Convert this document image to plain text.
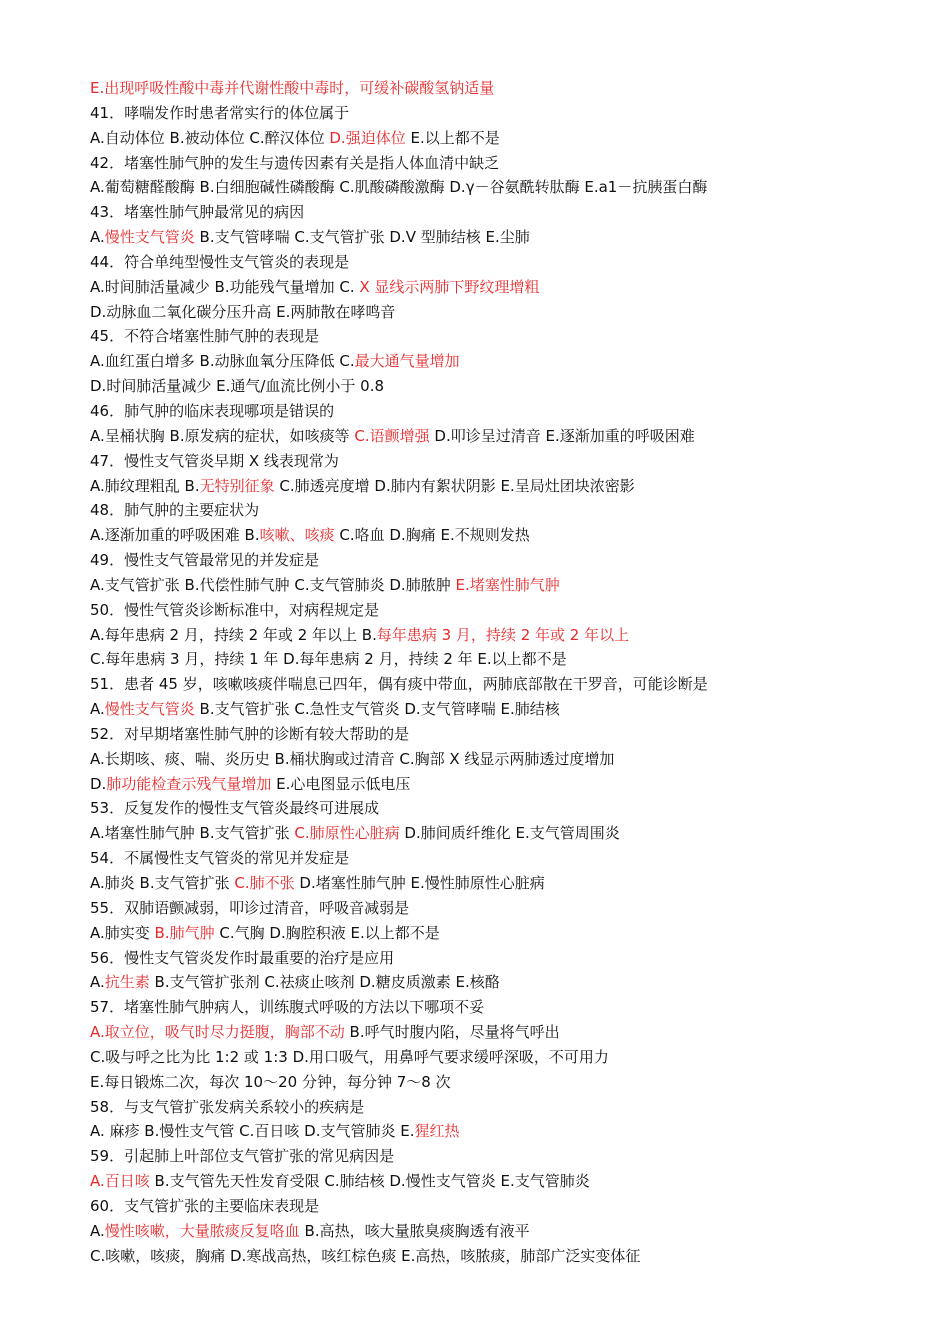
E.出现呼吸性酸中毒并代谢性酸中毒时，可缓补碳酸氢钠适量
41．哮喘发作时患者常实行的体位属于
A.自动体位 B.被动体位 C.醉汉体位 D.强迫体位 E.以上都不是
42．堵塞性肺气肿的发生与遗传因素有关是指人体血清中缺乏
A.葡萄糖醛酸酶 B.白细胞碱性磷酸酶 C.肌酸磷酸激酶 D.γ－谷氨酰转肽酶 E.a1－抗胰蛋白酶
43．堵塞性肺气肿最常见的病因
A.慢性支气管炎 B.支气管哮喘 C.支气管扩张 D.Ⅴ 型肺结核 E.尘肺
44．符合单纯型慢性支气管炎的表现是
A.时间肺活量减少 B.功能残气量增加 C. X 显线示两肺下野纹理增粗
D.动脉血二氧化碳分压升高 E.两肺散在哮鸣音
45．不符合堵塞性肺气肿的表现是
A.血红蛋白增多 B.动脉血氧分压降低 C.最大通气量增加
D.时间肺活量减少 E.通气/血流比例小于 0.8
46．肺气肿的临床表现哪项是错误的
A.呈桶状胸 B.原发病的症状，如咳痰等 C.语颤增强 D.叩诊呈过清音 E.逐渐加重的呼吸困难
47．慢性支气管炎早期 X 线表现常为
A.肺纹理粗乱 B.无特别征象 C.肺透亮度增 D.肺内有絮状阴影 E.呈局灶团块浓密影
48．肺气肿的主要症状为
A.逐渐加重的呼吸困难 B.咳嗽、咳痰 C.咯血 D.胸痛 E.不规则发热
49．慢性支气管最常见的并发症是
A.支气管扩张 B.代偿性肺气肿 C.支气管肺炎 D.肺脓肿 E.堵塞性肺气肿
50．慢性气管炎诊断标准中，对病程规定是
A.每年患病 2 月，持续 2 年或 2 年以上 B.每年患病 3 月，持续 2 年或 2 年以上
C.每年患病 3 月，持续 1 年 D.每年患病 2 月，持续 2 年 E.以上都不是
51．患者 45 岁，咳嗽咳痰伴喘息已四年，偶有痰中带血，两肺底部散在干罗音，可能诊断是
A.慢性支气管炎 B.支气管扩张 C.急性支气管炎 D.支气管哮喘 E.肺结核
52．对早期堵塞性肺气肿的诊断有较大帮助的是
A.长期咳、痰、喘、炎历史 B.桶状胸或过清音 C.胸部 X 线显示两肺透过度增加
D.肺功能检查示残气量增加 E.心电图显示低电压
53．反复发作的慢性支气管炎最终可进展成
A.堵塞性肺气肿 B.支气管扩张 C.肺原性心脏病 D.肺间质纤维化 E.支气管周围炎
54．不属慢性支气管炎的常见并发症是
A.肺炎 B.支气管扩张 C.肺不张 D.堵塞性肺气肿 E.慢性肺原性心脏病
55．双肺语颤减弱，叩诊过清音，呼吸音减弱是
A.肺实变 B.肺气肿 C.气胸 D.胸腔积液 E.以上都不是
56．慢性支气管炎发作时最重要的治疗是应用
A.抗生素 B.支气管扩张剂 C.祛痰止咳剂 D.糖皮质激素 E.核酪
57．堵塞性肺气肿病人，训练腹式呼吸的方法以下哪项不妥
A.取立位，吸气时尽力挺腹，胸部不动 B.呼气时腹内陷，尽量将气呼出
C.吸与呼之比为比 1:2 或 1:3 D.用口吸气，用鼻呼气要求缓呼深吸，不可用力
E.每日锻炼二次，每次 10～20 分钟，每分钟 7～8 次
58．与支气管扩张发病关系较小的疾病是
A. 麻疹 B.慢性支气管 C.百日咳 D.支气管肺炎 E.猩红热
59．引起肺上叶部位支气管扩张的常见病因是
A.百日咳 B.支气管先天性发育受限 C.肺结核 D.慢性支气管炎 E.支气管肺炎
60．支气管扩张的主要临床表现是
A.慢性咳嗽，大量脓痰反复咯血 B.高热，咳大量脓臭痰胸透有液平
C.咳嗽，咳痰，胸痛 D.寒战高热，咳红棕色痰 E.高热，咳脓痰，肺部广泛实变体征
